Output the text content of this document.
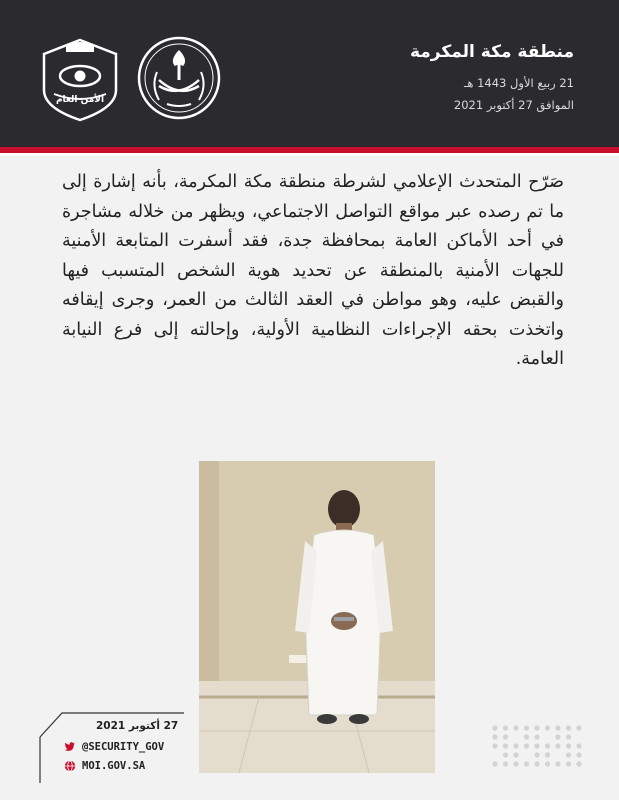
منطقة مكة المكرمة
21 ربيع الأول 1443 هـ
الموافق 27 أكتوبر 2021
الأمن العام
صَرّح المتحدث الإعلامي لشرطة منطقة مكة المكرمة، بأنه إشارة إلى ما تم رصده عبر مواقع التواصل الاجتماعي، ويظهر من خلاله مشاجرة في أحد الأماكن العامة بمحافظة جدة، فقد أسفرت المتابعة الأمنية للجهات الأمنية بالمنطقة عن تحديد هوية الشخص المتسبب فيها والقبض عليه، وهو مواطن في العقد الثالث من العمر، وجرى إيقافه واتخذت بحقه الإجراءات النظامية الأولية، وإحالته إلى فرع النيابة العامة.
27 أكتوبر 2021
@SECURITY_GOV
MOI.GOV.SA
